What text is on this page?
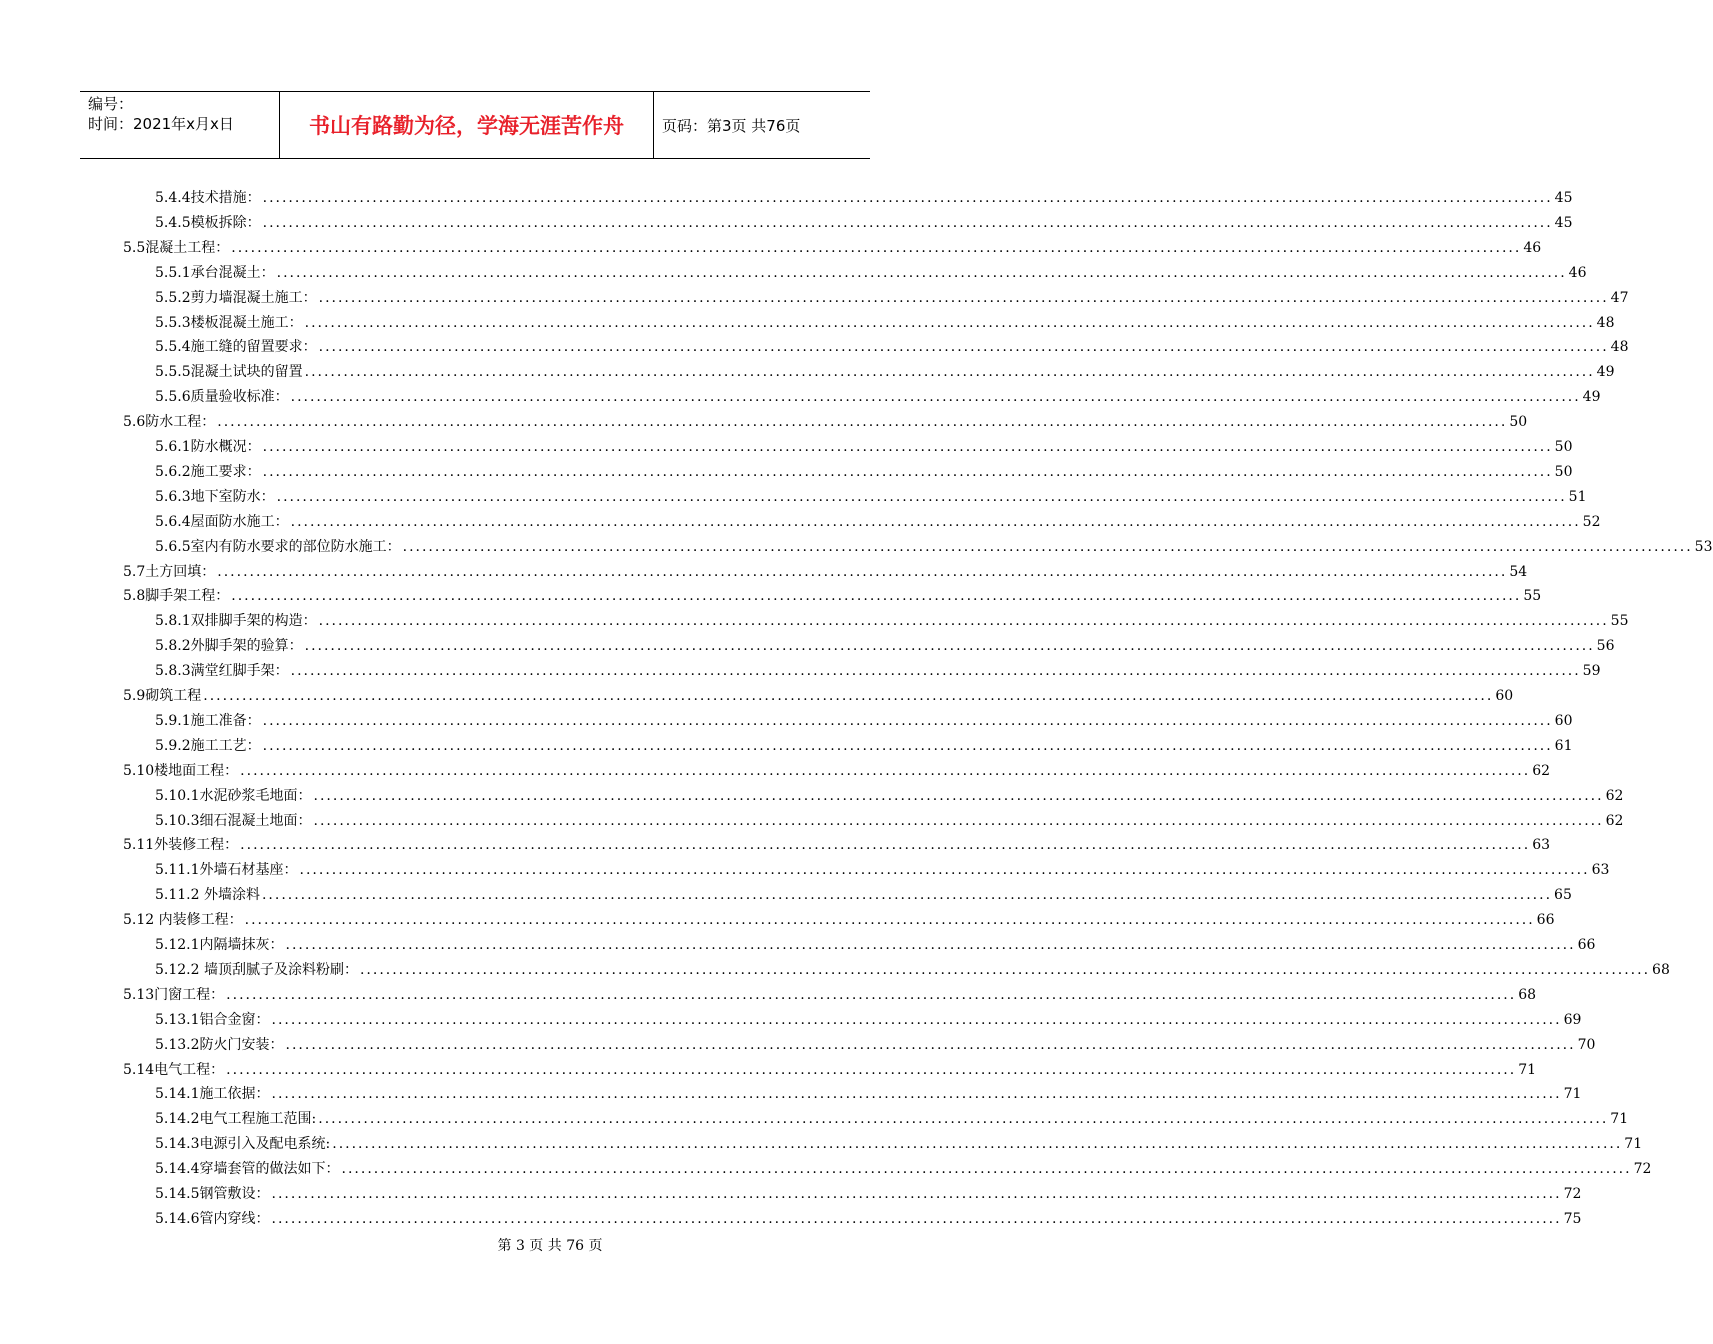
编号：
时间：2021年x月x日	书山有路勤为径，学海无涯苦作舟	页码：第3页 共76页
5.4.4技术措施： ........................................................................................................................................................................................................ 45
5.4.5模板拆除： ........................................................................................................................................................................................................ 45
5.5混凝土工程： ........................................................................................................................................................................................................ 46
5.5.1承台混凝土： ........................................................................................................................................................................................................ 46
5.5.2剪力墙混凝土施工： ........................................................................................................................................................................................................ 47
5.5.3楼板混凝土施工： ........................................................................................................................................................................................................ 48
5.5.4施工缝的留置要求： ........................................................................................................................................................................................................ 48
5.5.5混凝土试块的留置 ........................................................................................................................................................................................................ 49
5.5.6质量验收标准： ........................................................................................................................................................................................................ 49
5.6防水工程： ........................................................................................................................................................................................................ 50
5.6.1防水概况： ........................................................................................................................................................................................................ 50
5.6.2施工要求： ........................................................................................................................................................................................................ 50
5.6.3地下室防水： ........................................................................................................................................................................................................ 51
5.6.4屋面防水施工： ........................................................................................................................................................................................................ 52
5.6.5室内有防水要求的部位防水施工： ........................................................................................................................................................................................................ 53
5.7土方回填： ........................................................................................................................................................................................................ 54
5.8脚手架工程： ........................................................................................................................................................................................................ 55
5.8.1双排脚手架的构造： ........................................................................................................................................................................................................ 55
5.8.2外脚手架的验算： ........................................................................................................................................................................................................ 56
5.8.3满堂红脚手架： ........................................................................................................................................................................................................ 59
5.9砌筑工程 ........................................................................................................................................................................................................ 60
5.9.1施工准备： ........................................................................................................................................................................................................ 60
5.9.2施工工艺： ........................................................................................................................................................................................................ 61
5.10楼地面工程： ........................................................................................................................................................................................................ 62
5.10.1水泥砂浆毛地面： ........................................................................................................................................................................................................ 62
5.10.3细石混凝土地面： ........................................................................................................................................................................................................ 62
5.11外装修工程： ........................................................................................................................................................................................................ 63
5.11.1外墙石材基座： ........................................................................................................................................................................................................ 63
5.11.2 外墙涂料 ........................................................................................................................................................................................................ 65
5.12 内装修工程： ........................................................................................................................................................................................................ 66
5.12.1内隔墙抹灰： ........................................................................................................................................................................................................ 66
5.12.2 墙顶刮腻子及涂料粉刷： ........................................................................................................................................................................................................ 68
5.13门窗工程： ........................................................................................................................................................................................................ 68
5.13.1铝合金窗： ........................................................................................................................................................................................................ 69
5.13.2防火门安装： ........................................................................................................................................................................................................ 70
5.14电气工程： ........................................................................................................................................................................................................ 71
5.14.1施工依据： ........................................................................................................................................................................................................ 71
5.14.2电气工程施工范围: ........................................................................................................................................................................................................ 71
5.14.3电源引入及配电系统: ........................................................................................................................................................................................................ 71
5.14.4穿墙套管的做法如下： ........................................................................................................................................................................................................ 72
5.14.5钢管敷设： ........................................................................................................................................................................................................ 72
5.14.6管内穿线： ........................................................................................................................................................................................................ 75
第 3 页 共 76 页
